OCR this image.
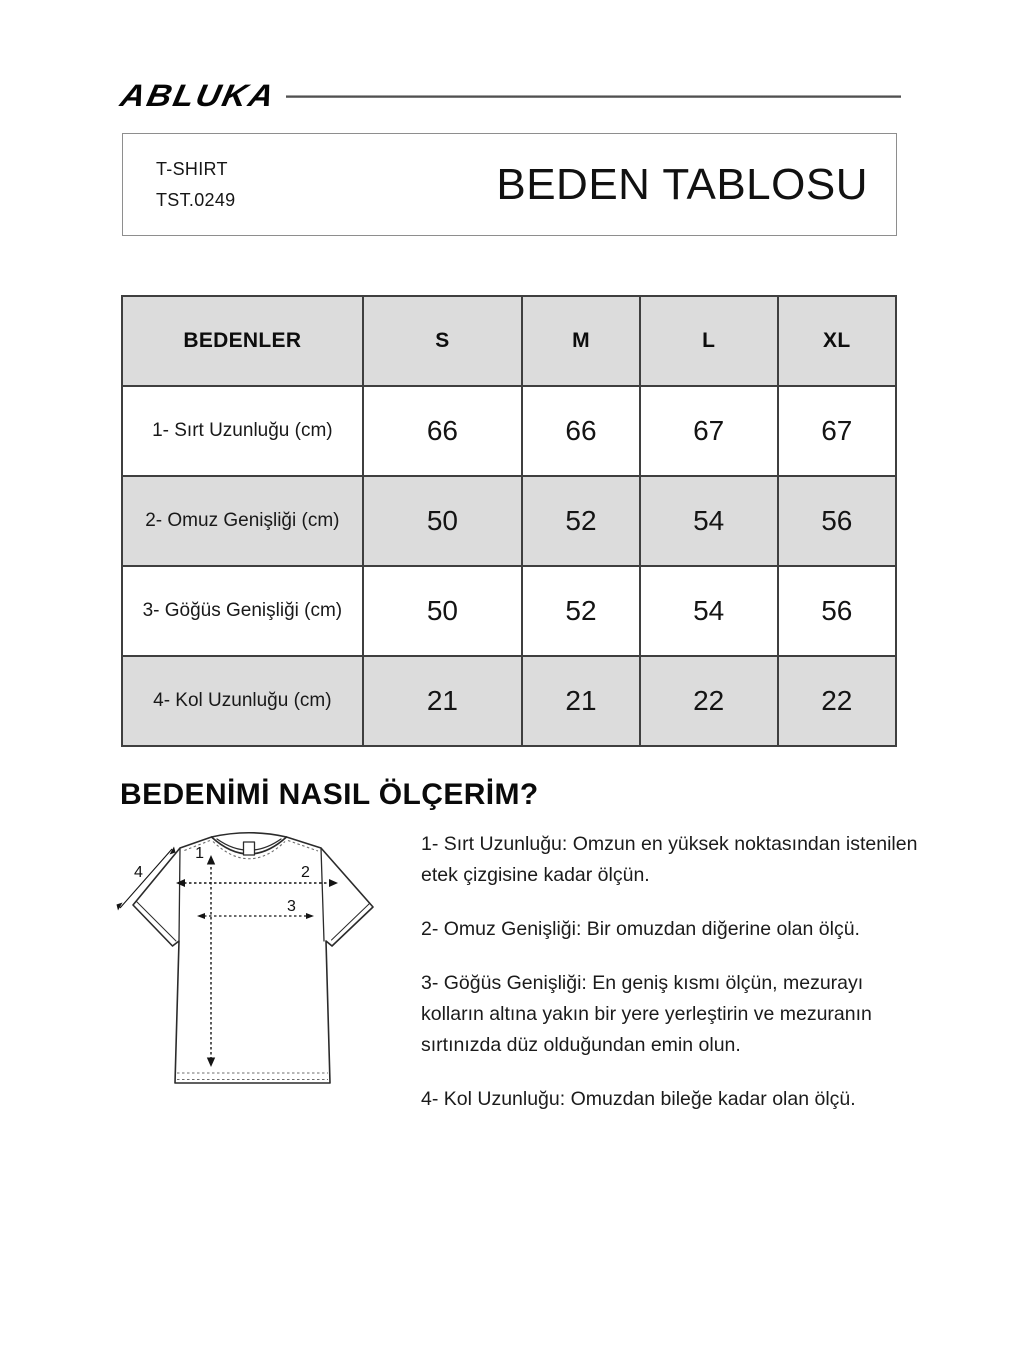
ABLUKA
T-SHIRT
TST.0249	BEDEN TABLOSU
BEDENLER	S	M	L	XL
1- Sırt Uzunluğu (cm)	66	66	67	67
2- Omuz Genişliği (cm)	50	52	54	56
3- Göğüs Genişliği (cm)	50	52	54	56
4- Kol Uzunluğu (cm)	21	21	22	22
BEDENİMİ NASIL ÖLÇERİM?
1
2
3
4

1- Sırt Uzunluğu: Omzun en yüksek noktasından istenilen etek çizgisine kadar ölçün.

2- Omuz Genişliği: Bir omuzdan diğerine olan ölçü.

3- Göğüs Genişliği: En geniş kısmı ölçün, mezurayı kolların altına yakın bir yere yerleştirin ve mezuranın sırtınızda düz olduğundan emin olun.

4- Kol Uzunluğu: Omuzdan bileğe kadar olan ölçü.
